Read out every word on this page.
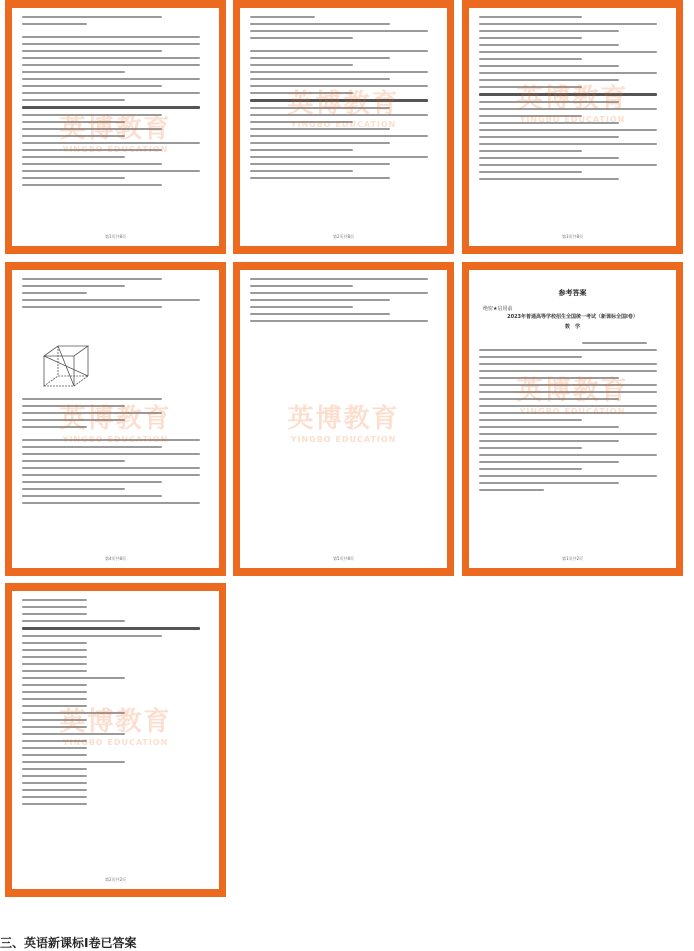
英博教育
YINGBO EDUCATION
第1页共8页
英博教育
YINGBO EDUCATION
第2页共8页
英博教育
YINGBO EDUCATION
第3页共8页
英博教育
YINGBO EDUCATION
第4页共8页
英博教育
YINGBO EDUCATION
第5页共8页
参考答案
绝密★启用前
2023年普通高等学校招生全国统一考试（新课标全国Ⅰ卷）
数　学
英博教育
YINGBO EDUCATION
第1页共2页
英博教育
YINGBO EDUCATION
第2页共2页
三、英语新课标Ⅰ卷已答案
